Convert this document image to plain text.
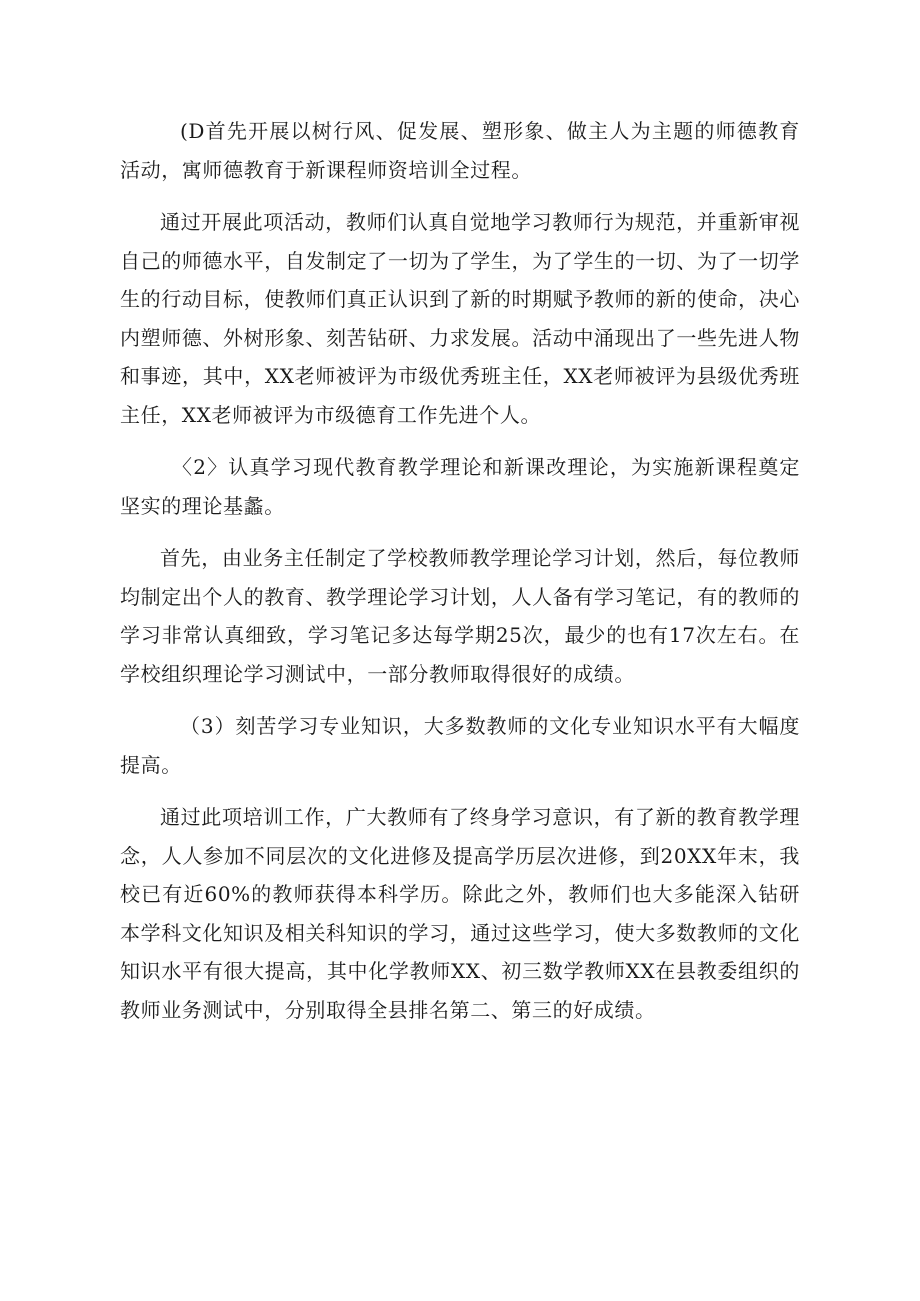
(D首先开展以树行风、促发展、塑形象、做主人为主题的师德教育活动，寓师德教育于新课程师资培训全过程。

通过开展此项活动，教师们认真自觉地学习教师行为规范，并重新审视自己的师德水平，自发制定了一切为了学生，为了学生的一切、为了一切学生的行动目标，使教师们真正认识到了新的时期赋予教师的新的使命，决心内塑师德、外树形象、刻苦钻研、力求发展。活动中涌现出了一些先进人物和事迹，其中，XX老师被评为市级优秀班主任，XX老师被评为县级优秀班主任，XX老师被评为市级德育工作先进个人。

〈2〉认真学习现代教育教学理论和新课改理论，为实施新课程奠定坚实的理论基蠡。

首先，由业务主任制定了学校教师教学理论学习计划，然后，每位教师均制定出个人的教育、教学理论学习计划，人人备有学习笔记，有的教师的学习非常认真细致，学习笔记多达每学期25次，最少的也有17次左右。在学校组织理论学习测试中，一部分教师取得很好的成绩。

（3）刻苦学习专业知识，大多数教师的文化专业知识水平有大幅度提高。

通过此项培训工作，广大教师有了终身学习意识，有了新的教育教学理念，人人参加不同层次的文化进修及提高学历层次进修，到20XX年末，我校已有近60%的教师获得本科学历。除此之外，教师们也大多能深入钻研本学科文化知识及相关科知识的学习，通过这些学习，使大多数教师的文化知识水平有很大提高，其中化学教师XX、初三数学教师XX在县教委组织的教师业务测试中，分别取得全县排名第二、第三的好成绩。
